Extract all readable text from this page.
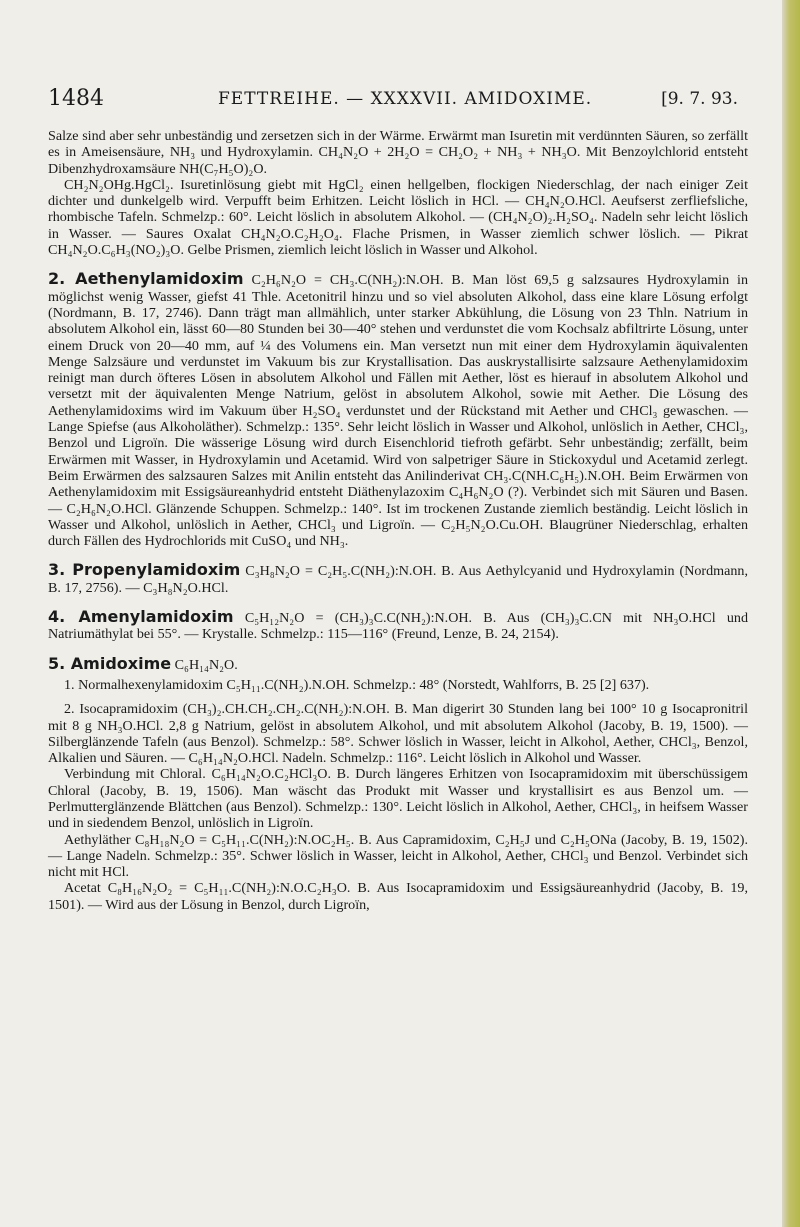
1484	FETTREIHE. — XXXXVII. AMIDOXIME.	[9. 7. 93.

Salze sind aber sehr unbeständig und zersetzen sich in der Wärme. Erwärmt man Isuretin mit verdünnten Säuren, so zerfällt es in Ameisensäure, NH₃ und Hydroxylamin. CH₄N₂O + 2H₂O = CH₂O₂ + NH₃ + NH₃O. Mit Benzoylchlorid entsteht Dibenzhydroxamsäure NH(C₇H₅O)₂O.

CH₂N₂OHg.HgCl₂. Isuretinlösung giebt mit HgCl₂ einen hellgelben, flockigen Niederschlag, der nach einiger Zeit dichter und dunkelgelb wird. Verpufft beim Erhitzen. Leicht löslich in HCl. — CH₄N₂O.HCl. Aeufserst zerfliefsliche, rhombische Tafeln. Schmelzp.: 60°. Leicht löslich in absolutem Alkohol. — (CH₄N₂O)₂.H₂SO₄. Nadeln sehr leicht löslich in Wasser. — Saures Oxalat CH₄N₂O.C₂H₂O₄. Flache Prismen, in Wasser ziemlich schwer löslich. — Pikrat CH₄N₂O.C₆H₃(NO₂)₃O. Gelbe Prismen, ziemlich leicht löslich in Wasser und Alkohol.

2. Aethenylamidoxim C₂H₆N₂O = CH₃.C(NH₂):N.OH. B. Man löst 69,5 g salzsaures Hydroxylamin in möglichst wenig Wasser, giefst 41 Thle. Acetonitril hinzu und so viel absoluten Alkohol, dass eine klare Lösung erfolgt (Nordmann, B. 17, 2746). Dann trägt man allmählich, unter starker Abkühlung, die Lösung von 23 Thln. Natrium in absolutem Alkohol ein, lässt 60—80 Stunden bei 30—40° stehen und verdunstet die vom Kochsalz abfiltrirte Lösung, unter einem Druck von 20—40 mm, auf ¼ des Volumens ein. Man versetzt nun mit einer dem Hydroxylamin äquivalenten Menge Salzsäure und verdunstet im Vakuum bis zur Krystallisation. Das auskrystallisirte salzsaure Aethenylamidoxim reinigt man durch öfteres Lösen in absolutem Alkohol und Fällen mit Aether, löst es hierauf in absolutem Alkohol und versetzt mit der äquivalenten Menge Natrium, gelöst in absolutem Alkohol, sowie mit Aether. Die Lösung des Aethenylamidoxims wird im Vakuum über H₂SO₄ verdunstet und der Rückstand mit Aether und CHCl₃ gewaschen. — Lange Spiefse (aus Alkoholäther). Schmelzp.: 135°. Sehr leicht löslich in Wasser und Alkohol, unlöslich in Aether, CHCl₃, Benzol und Ligroïn. Die wässerige Lösung wird durch Eisenchlorid tiefroth gefärbt. Sehr unbeständig; zerfällt, beim Erwärmen mit Wasser, in Hydroxylamin und Acetamid. Wird von salpetriger Säure in Stickoxydul und Acetamid zerlegt. Beim Erwärmen des salzsauren Salzes mit Anilin entsteht das Anilinderivat CH₃.C(NH.C₆H₅).N.OH. Beim Erwärmen von Aethenylamidoxim mit Essigsäureanhydrid entsteht Diäthenylazoxim C₄H₆N₂O (?). Verbindet sich mit Säuren und Basen. — C₂H₆N₂O.HCl. Glänzende Schuppen. Schmelzp.: 140°. Ist im trockenen Zustande ziemlich beständig. Leicht löslich in Wasser und Alkohol, unlöslich in Aether, CHCl₃ und Ligroïn. — C₂H₅N₂O.Cu.OH. Blaugrüner Niederschlag, erhalten durch Fällen des Hydrochlorids mit CuSO₄ und NH₃.

3. Propenylamidoxim C₃H₈N₂O = C₂H₅.C(NH₂):N.OH. B. Aus Aethylcyanid und Hydroxylamin (Nordmann, B. 17, 2756). — C₃H₈N₂O.HCl.

4. Amenylamidoxim C₅H₁₂N₂O = (CH₃)₃C.C(NH₂):N.OH. B. Aus (CH₃)₃C.CN mit NH₃O.HCl und Natriumäthylat bei 55°. — Krystalle. Schmelzp.: 115—116° (Freund, Lenze, B. 24, 2154).

5. Amidoxime C₆H₁₄N₂O.

1. Normalhexenylamidoxim C₅H₁₁.C(NH₂).N.OH. Schmelzp.: 48° (Norstedt, Wahlforrs, B. 25 [2] 637).

2. Isocapramidoxim (CH₃)₂.CH.CH₂.CH₂.C(NH₂):N.OH. B. Man digerirt 30 Stunden lang bei 100° 10 g Isocapronitril mit 8 g NH₃O.HCl. 2,8 g Natrium, gelöst in absolutem Alkohol, und mit absolutem Alkohol (Jacoby, B. 19, 1500). — Silberglänzende Tafeln (aus Benzol). Schmelzp.: 58°. Schwer löslich in Wasser, leicht in Alkohol, Aether, CHCl₃, Benzol, Alkalien und Säuren. — C₆H₁₄N₂O.HCl. Nadeln. Schmelzp.: 116°. Leicht löslich in Alkohol und Wasser.

Verbindung mit Chloral. C₆H₁₄N₂O.C₂HCl₃O. B. Durch längeres Erhitzen von Isocapramidoxim mit überschüssigem Chloral (Jacoby, B. 19, 1506). Man wäscht das Produkt mit Wasser und krystallisirt es aus Benzol um. — Perlmutterglänzende Blättchen (aus Benzol). Schmelzp.: 130°. Leicht löslich in Alkohol, Aether, CHCl₃, in heifsem Wasser und in siedendem Benzol, unlöslich in Ligroïn.

Aethyläther C₈H₁₈N₂O = C₅H₁₁.C(NH₂):N.OC₂H₅. B. Aus Capramidoxim, C₂H₅J und C₂H₅ONa (Jacoby, B. 19, 1502). — Lange Nadeln. Schmelzp.: 35°. Schwer löslich in Wasser, leicht in Alkohol, Aether, CHCl₃ und Benzol. Verbindet sich nicht mit HCl.

Acetat C₈H₁₆N₂O₂ = C₅H₁₁.C(NH₂):N.O.C₂H₃O. B. Aus Isocapramidoxim und Essigsäureanhydrid (Jacoby, B. 19, 1501). — Wird aus der Lösung in Benzol, durch Ligroïn,
